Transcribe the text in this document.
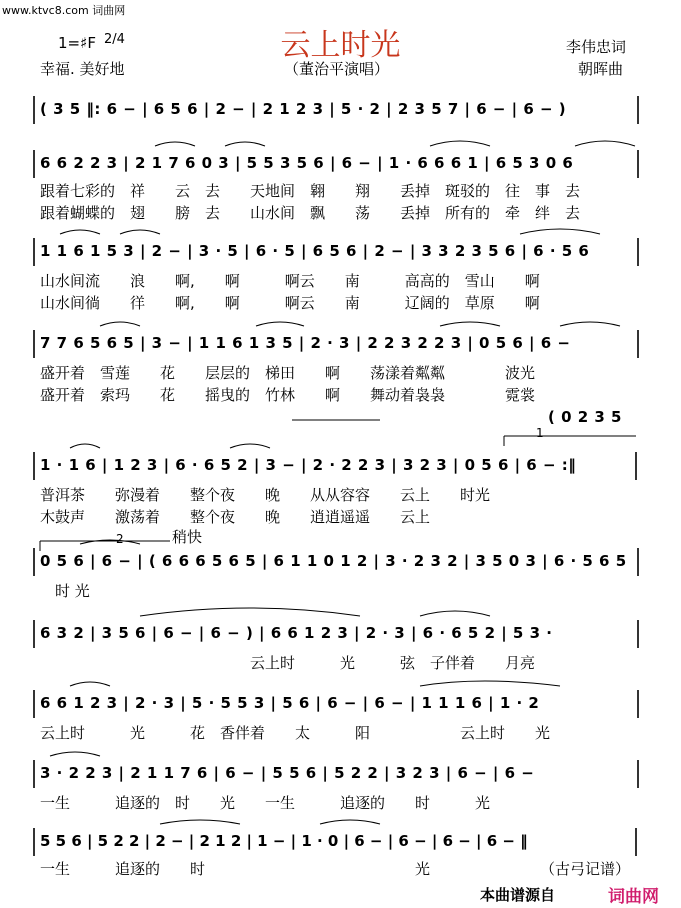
www.ktvc8.com 词曲网
云上时光
1=♯F 2/4
幸福. 美好地	（董治平演唱）
李伟忠词
朝晖曲
( 3 5 ‖: 6 − | 6 5 6 | 2 − | 2 1 2 3 | 5 · 2 | 2 3 5 7 | 6 − | 6 − )
6 6 2 2 3 | 2 1 7 6 0 3 | 5 5 3 5 6 | 6 − | 1 · 6 6 6 1 | 6 5 3 0 6
跟着七彩的　祥　　云　去　　天地间　翱　　翔　　丢掉　斑驳的　往　事　去
跟着蝴蝶的　翅　　膀　去　　山水间　飘　　荡　　丢掉　所有的　牵　绊　去
1 1 6 1 5 3 | 2 − | 3 · 5 | 6 · 5 | 6 5 6 | 2 − | 3 3 2 3 5 6 | 6 · 5 6
山水间流　　浪　　啊,　　啊　　　啊云　　南　　　高高的　雪山　　啊
山水间徜　　徉　　啊,　　啊　　　啊云　　南　　　辽阔的　草原　　啊
7 7 6 5 6 5 | 3 − | 1 1 6 1 3 5 | 2 · 3 | 2 2 3 2 2 3 | 0 5 6 | 6 −
盛开着　雪莲　　花　　层层的　梯田　　啊　　荡漾着粼粼　　　　波光
盛开着　索玛　　花　　摇曳的　竹林　　啊　　舞动着袅袅　　　　霓裳
( 0 2 3 5
1
1 · 1 6 | 1 2 3 | 6 · 6 5 2 | 3 − | 2 · 2 2 3 | 3 2 3 | 0 5 6 | 6 − :‖
普洱茶　　弥漫着　　整个夜　　晚　　从从容容　　云上　　时光
木鼓声　　激荡着　　整个夜　　晚　　逍逍遥遥　　云上
稍快
2
0 5 6 | 6 − | ( 6 6 6 5 6 5 | 6 1 1 0 1 2 | 3 · 2 3 2 | 3 5 0 3 | 6 · 5 6 5
　时 光
6 3 2 | 3 5 6 | 6 − | 6 − ) | 6 6 1 2 3 | 2 · 3 | 6 · 6 5 2 | 5 3 ·
　　　　　　　　　　　　　　云上时　　　光　　　弦　子伴着　　月亮
6 6 1 2 3 | 2 · 3 | 5 · 5 5 3 | 5 6 | 6 − | 6 − | 1 1 1 6 | 1 · 2
云上时　　　光　　　花　香伴着　　太　　　阳　　　　　　云上时　　光
3 · 2 2 3 | 2 1 1 7 6 | 6 − | 5 5 6 | 5 2 2 | 3 2 3 | 6 − | 6 −
一生　　　追逐的　时　　光　　一生　　　追逐的　　时　　　光
5 5 6 | 5 2 2 | 2 − | 2 1 2 | 1 − | 1 · 0 | 6 − | 6 − | 6 − | 6 − ‖
一生　　　追逐的　　时　　　　　　　　　　　　　　光	（古弓记谱）
本曲谱源自	词曲网
